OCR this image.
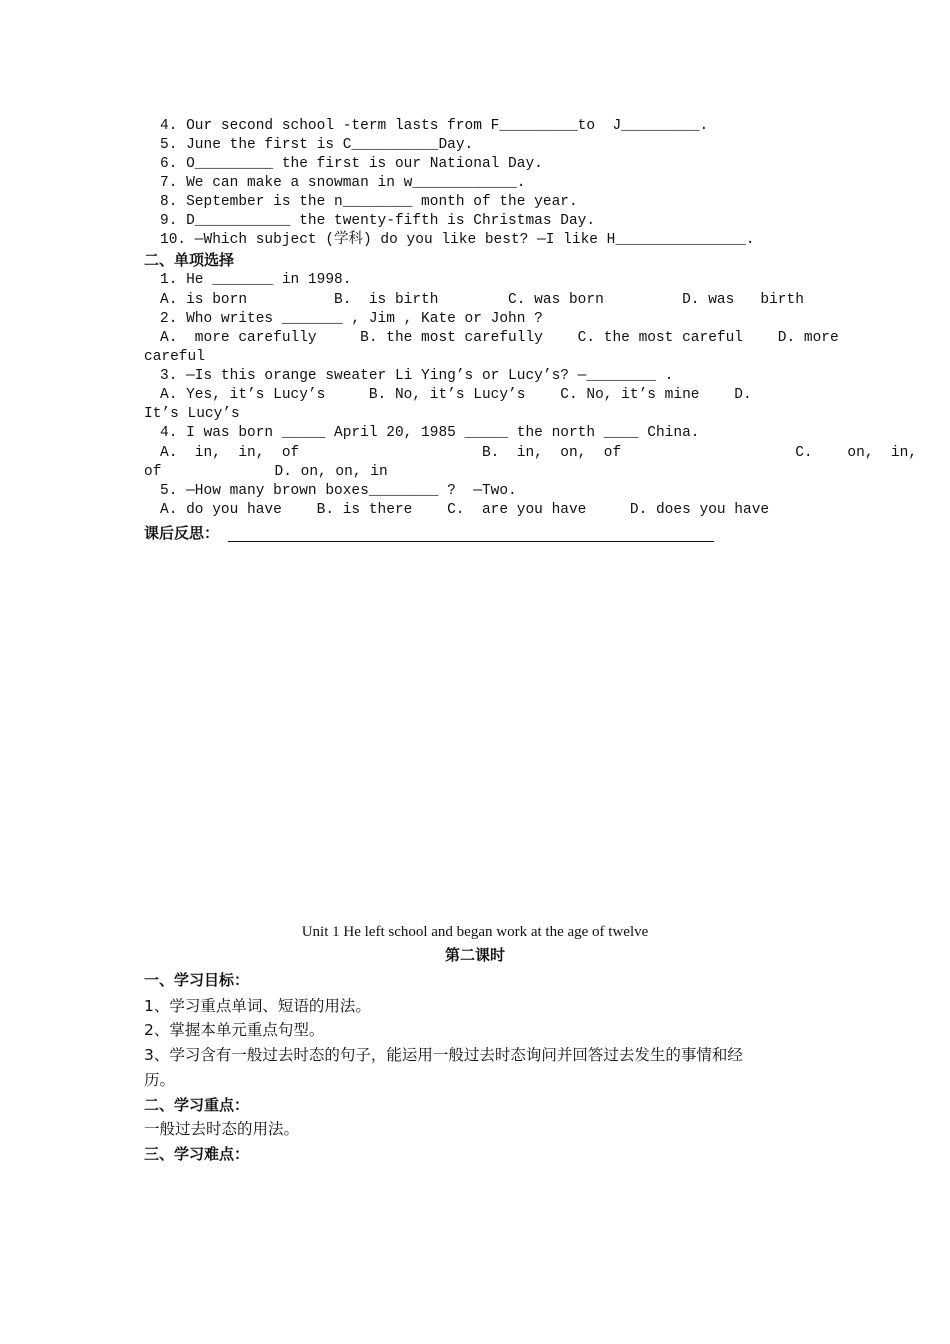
4. Our second school -term lasts from F_________to  J_________.
5. June the first is C__________Day.
6. O_________ the first is our National Day.
7. We can make a snowman in w____________.
8. September is the n________ month of the year.
9. D___________ the twenty-fifth is Christmas Day.
10. —Which subject (学科) do you like best? —I like H_______________.
二、单项选择
1. He _______ in 1998.
A. is born          B.  is birth        C. was born         D. was   birth
2. Who writes _______ , Jim , Kate or John ?
A.  more carefully     B. the most carefully    C. the most careful    D. more
careful
3. —Is this orange sweater Li Ying’s or Lucy’s? —________ .
A. Yes, it’s Lucy’s     B. No, it’s Lucy’s    C. No, it’s mine    D.
It’s Lucy’s
4. I was born _____ April 20, 1985 _____ the north ____ China.
A.  in,  in,  of                     B.  in,  on,  of                    C.    on,  in,
of             D. on, on, in
5. —How many brown boxes________ ?  —Two.
A. do you have    B. is there    C.  are you have     D. does you have
课后反思：
Unit 1 He left school and began work at the age of twelve
第二课时
一、学习目标：
1、学习重点单词、短语的用法。
2、掌握本单元重点句型。
3、学习含有一般过去时态的句子，能运用一般过去时态询问并回答过去发生的事情和经
历。
二、学习重点：
一般过去时态的用法。
三、学习难点：
